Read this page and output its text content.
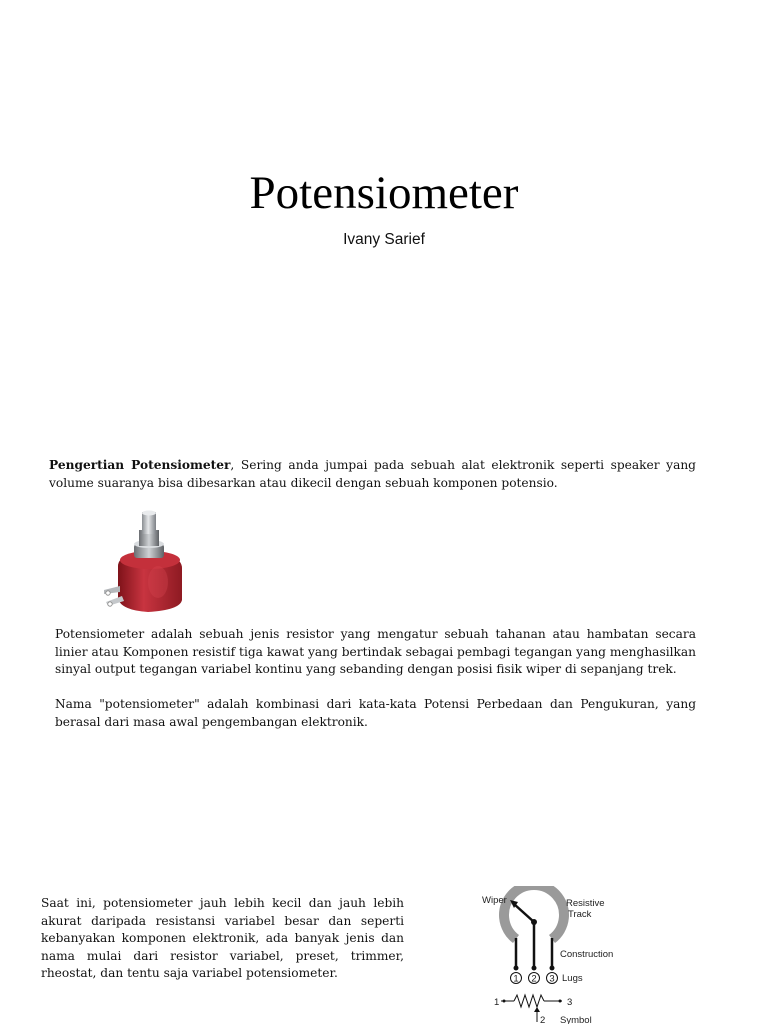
Potensiometer
Ivany Sarief

Pengertian Potensiometer, Sering anda jumpai pada sebuah alat elektronik seperti speaker yang volume suaranya bisa dibesarkan atau dikecil dengan sebuah komponen potensio.

Potensiometer adalah sebuah jenis resistor yang mengatur sebuah tahanan atau hambatan secara linier atau Komponen resistif tiga kawat yang bertindak sebagai pembagi tegangan yang menghasilkan sinyal output tegangan variabel kontinu yang sebanding dengan posisi fisik wiper di sepanjang trek.

Nama "potensiometer" adalah kombinasi dari kata-kata Potensi Perbedaan dan Pengukuran, yang berasal dari masa awal pengembangan elektronik.

Saat ini, potensiometer jauh lebih kecil dan jauh lebih akurat daripada resistansi variabel besar dan seperti kebanyakan komponen elektronik, ada banyak jenis dan nama mulai dari resistor variabel, preset, trimmer, rheostat, dan tentu saja variabel potensiometer.	1 2 3
Wiper	Resistive
Track
Construction
Lugs
1	3
2 Symbol
